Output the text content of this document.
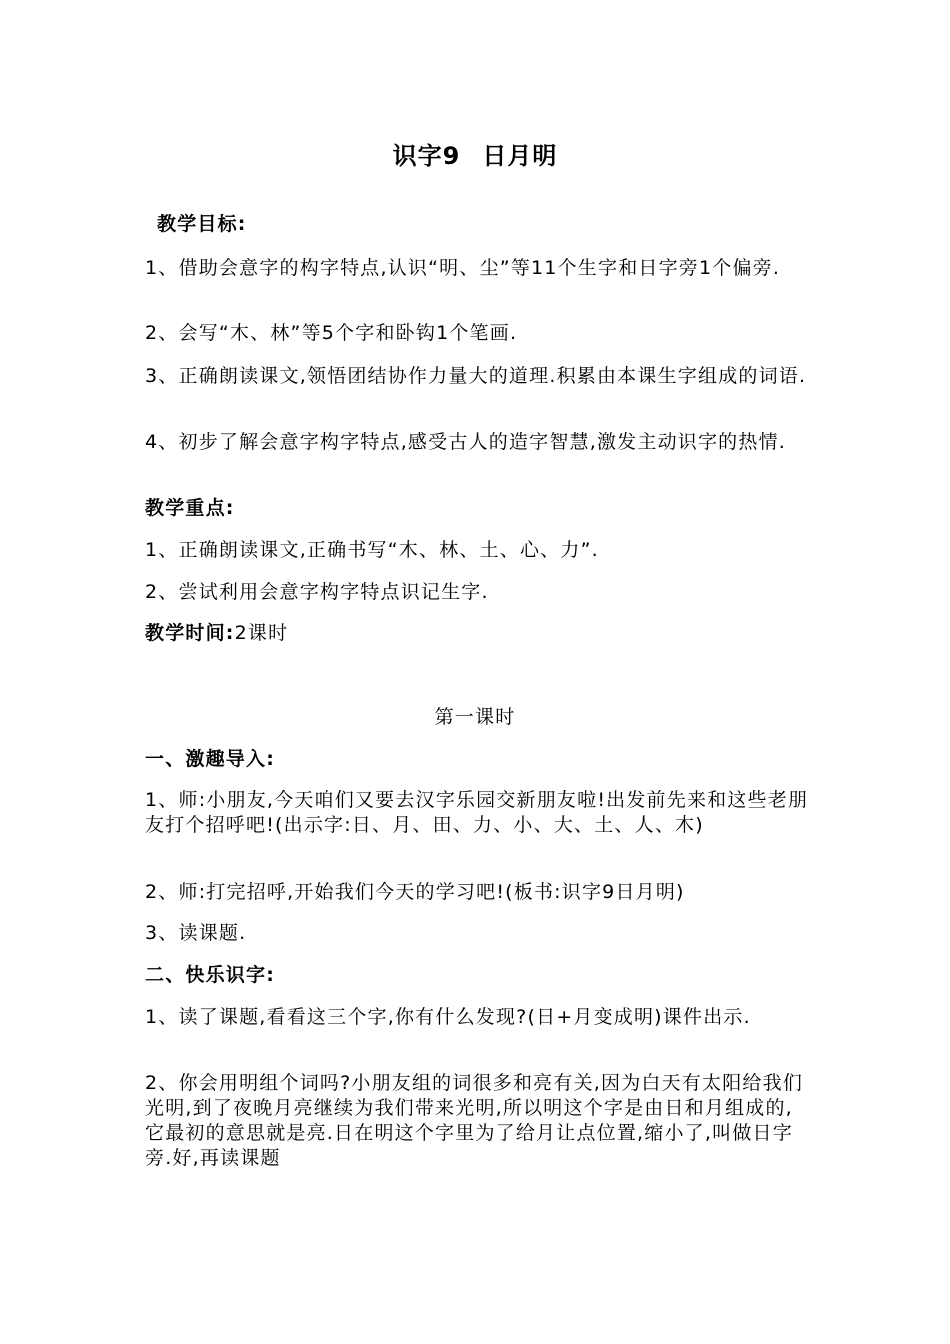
识字9 日月明
教学目标:
1、借助会意字的构字特点,认识“明、尘”等11个生字和日字旁1个偏旁.
2、会写“木、林”等5个字和卧钩1个笔画.
3、正确朗读课文,领悟团结协作力量大的道理.积累由本课生字组成的词语.
4、初步了解会意字构字特点,感受古人的造字智慧,激发主动识字的热情.
教学重点:
1、正确朗读课文,正确书写“木、林、土、心、力”.
2、尝试利用会意字构字特点识记生字.
教学时间:2课时
第一课时
一、激趣导入:
1、师:小朋友,今天咱们又要去汉字乐园交新朋友啦!出发前先来和这些老朋友打个招呼吧!(出示字:日、月、田、力、小、大、土、人、木)
2、师:打完招呼,开始我们今天的学习吧!(板书:识字9日月明)
3、读课题.
二、快乐识字:
1、读了课题,看看这三个字,你有什么发现?(日+月变成明)课件出示.
2、你会用明组个词吗?小朋友组的词很多和亮有关,因为白天有太阳给我们光明,到了夜晚月亮继续为我们带来光明,所以明这个字是由日和月组成的,它最初的意思就是亮.日在明这个字里为了给月让点位置,缩小了,叫做日字旁.好,再读课题
